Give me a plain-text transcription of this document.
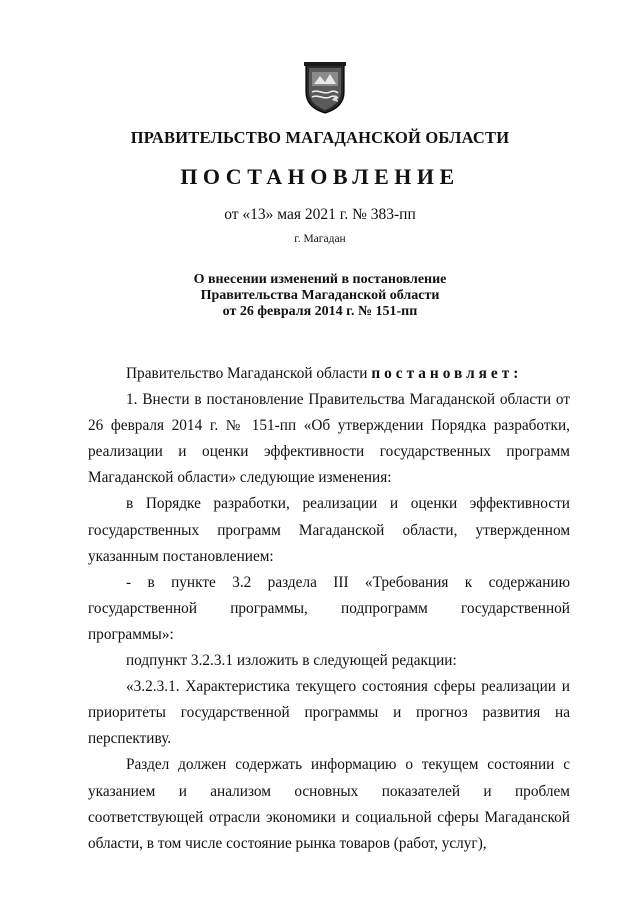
ПРАВИТЕЛЬСТВО МАГАДАНСКОЙ ОБЛАСТИ
ПОСТАНОВЛЕНИЕ
от «13» мая 2021 г. № 383-пп
г. Магадан
О внесении изменений в постановление
Правительства Магаданской области
от 26 февраля 2014 г. № 151-пп

Правительство Магаданской области постановляет:

1. Внести в постановление Правительства Магаданской области от 26 февраля 2014 г. № 151-пп «Об утверждении Порядка разработки, реализации и оценки эффективности государственных программ Магаданской области» следующие изменения:

в Порядке разработки, реализации и оценки эффективности государственных программ Магаданской области, утвержденном указанным постановлением:

- в пункте 3.2 раздела III «Требования к содержанию государственной программы, подпрограмм государственной программы»:

подпункт 3.2.3.1 изложить в следующей редакции:

«3.2.3.1. Характеристика текущего состояния сферы реализации и приоритеты государственной программы и прогноз развития на перспективу.

Раздел должен содержать информацию о текущем состоянии с указанием и анализом основных показателей и проблем соответствующей отрасли экономики и социальной сферы Магаданской области, в том числе состояние рынка товаров (работ, услуг),
